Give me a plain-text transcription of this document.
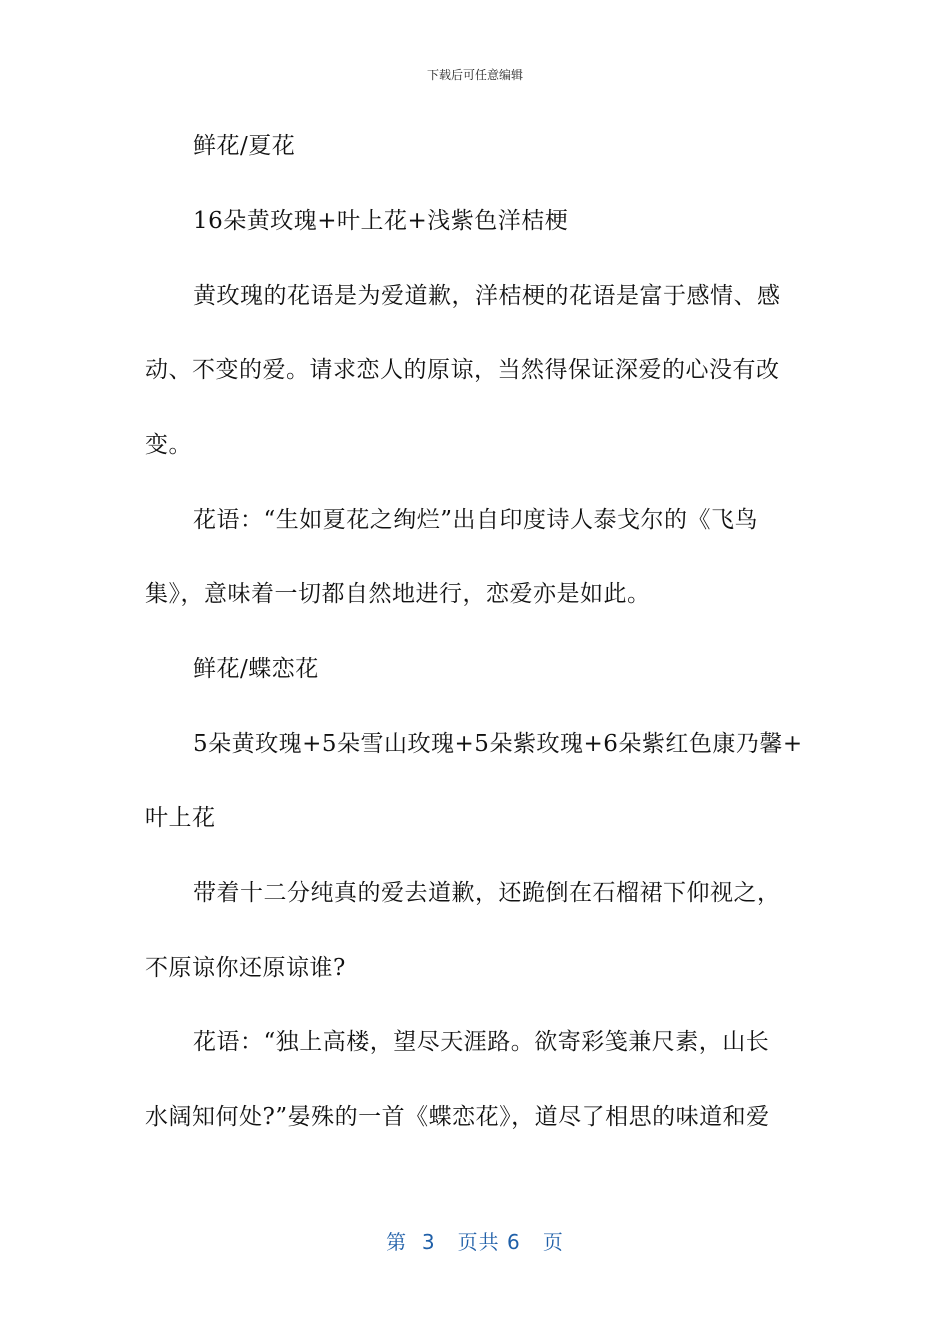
下载后可任意编辑
鲜花/夏花
16朵黄玫瑰+叶上花+浅紫色洋桔梗
黄玫瑰的花语是为爱道歉，洋桔梗的花语是富于感情、感
动、不变的爱。请求恋人的原谅，当然得保证深爱的心没有改
变。
花语：“生如夏花之绚烂”出自印度诗人泰戈尔的《飞鸟
集》，意味着一切都自然地进行，恋爱亦是如此。
鲜花/蝶恋花
5朵黄玫瑰+5朵雪山玫瑰+5朵紫玫瑰+6朵紫红色康乃馨+
叶上花
带着十二分纯真的爱去道歉，还跪倒在石榴裙下仰视之，
不原谅你还原谅谁?
花语：“独上高楼，望尽天涯路。欲寄彩笺兼尺素，山长
水阔知何处?”晏殊的一首《蝶恋花》，道尽了相思的味道和爱
第  3   页共 6   页
